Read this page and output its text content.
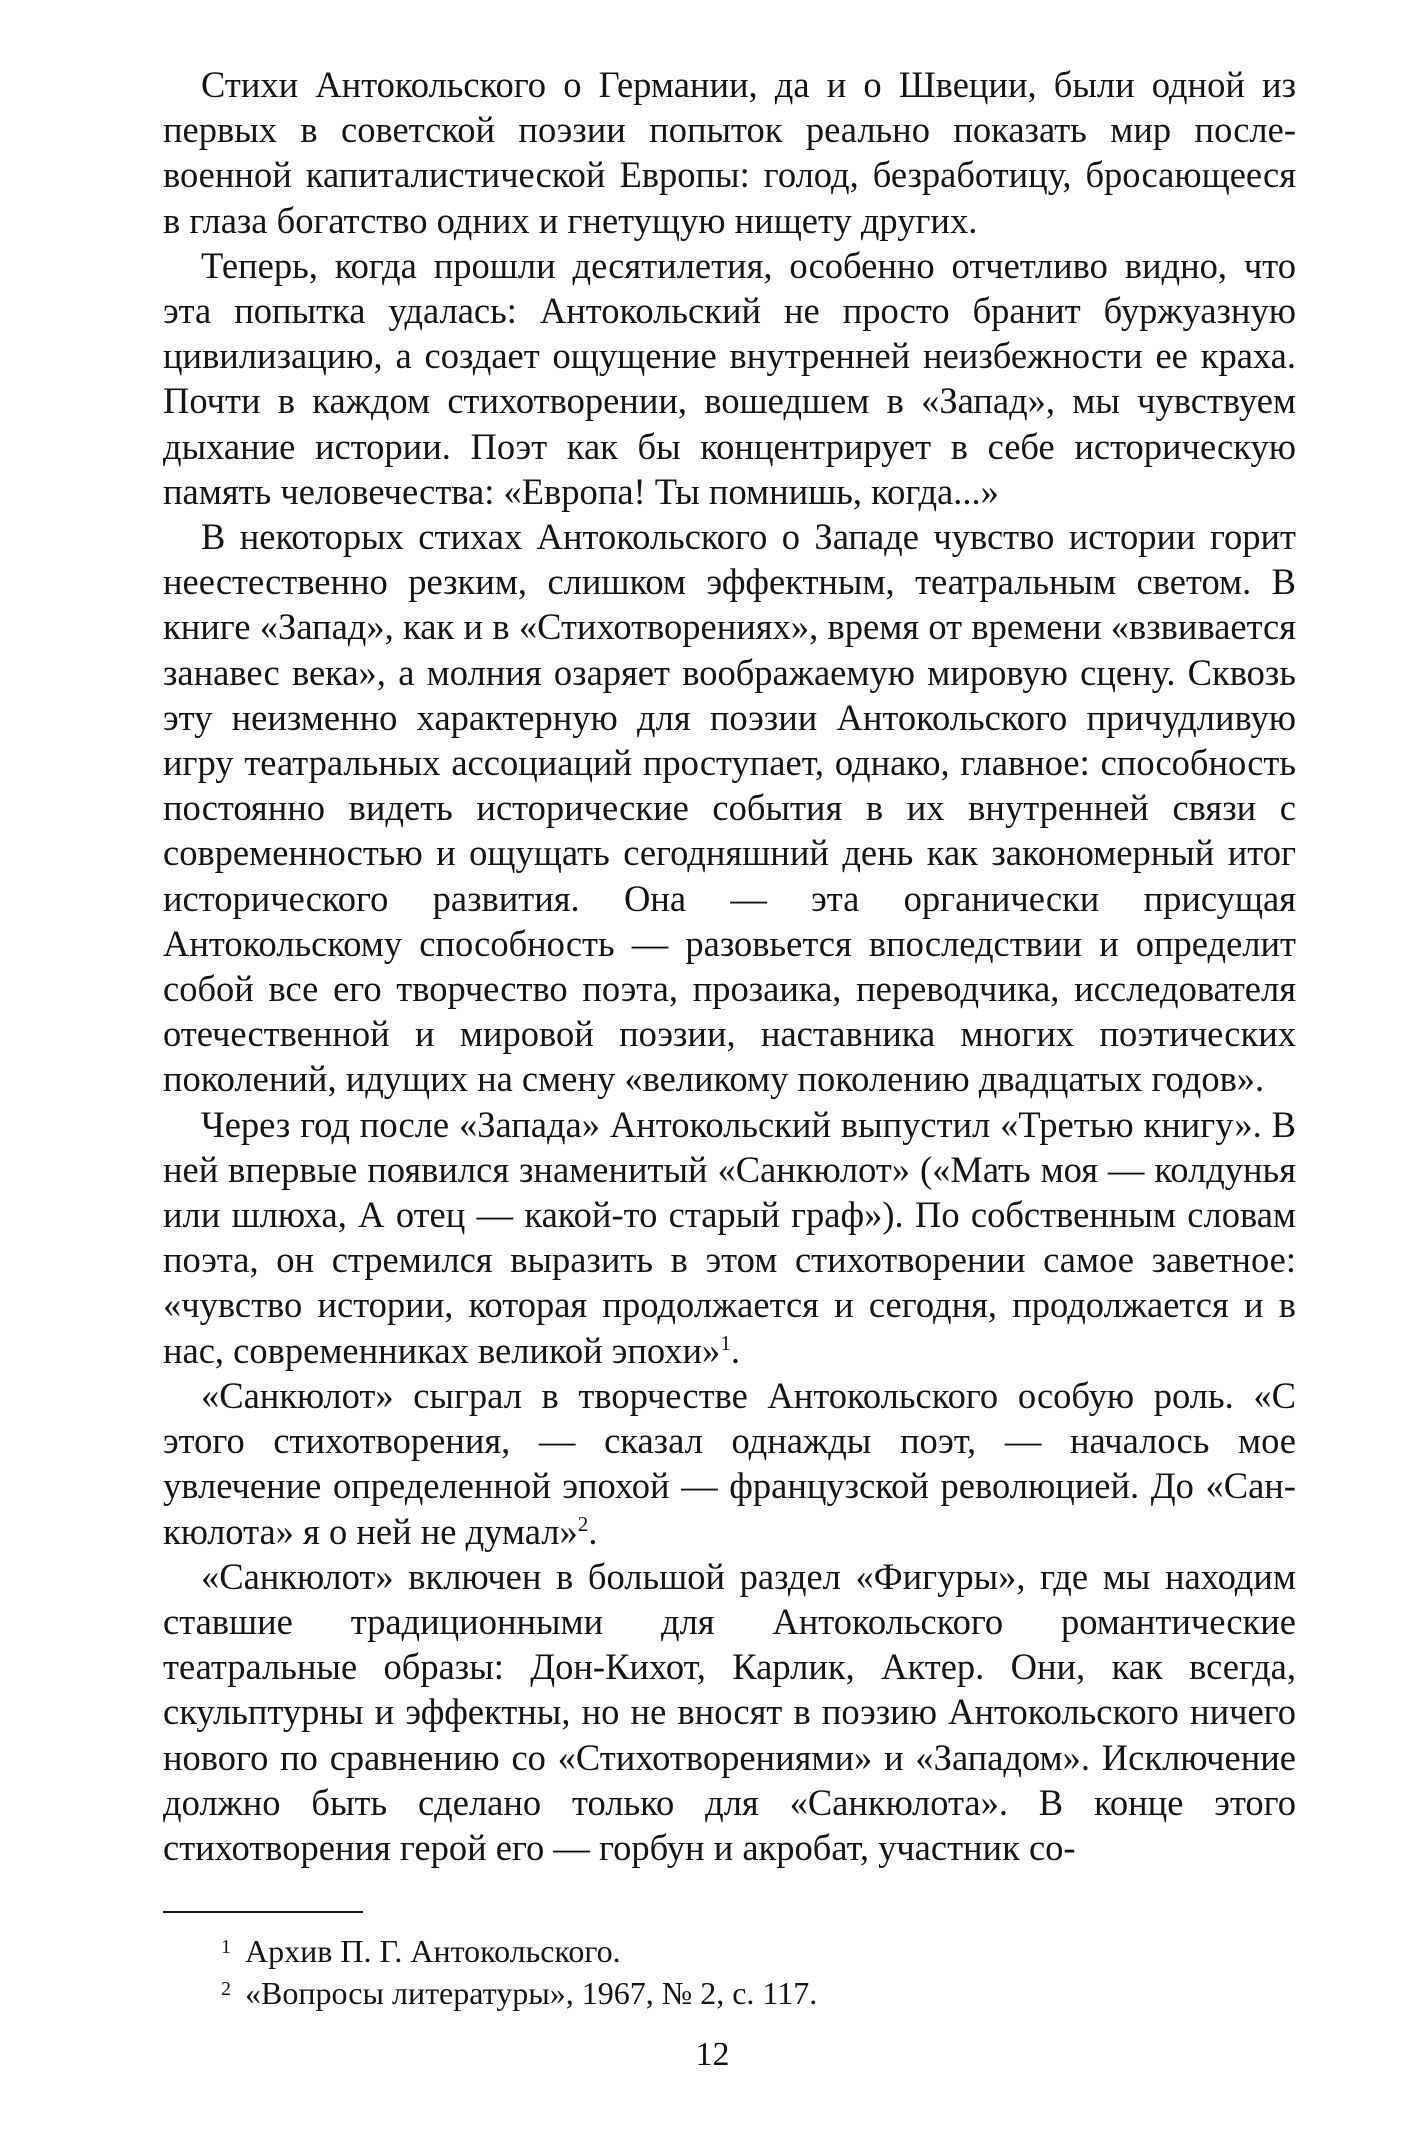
Стихи Антокольского о Германии, да и о Швеции, были одной из первых в советской поэзии попыток реально показать мир послевоенной капиталистической Европы: голод, безработицу, бросающееся в глаза богатство одних и гнетущую нищету других.

Теперь, когда прошли десятилетия, особенно отчетливо видно, что эта попытка удалась: Антокольский не просто бранит буржуазную цивилизацию, а создает ощущение внутренней неизбежности ее краха. Почти в каждом стихотворении, вошедшем в «Запад», мы чувствуем дыхание истории. Поэт как бы концентрирует в себе историческую память человечества: «Европа! Ты помнишь, когда...»

В некоторых стихах Антокольского о Западе чувство истории горит неестественно резким, слишком эффектным, театральным светом. В книге «Запад», как и в «Стихотворениях», время от времени «взвивается занавес века», а молния озаряет воображаемую мировую сцену. Сквозь эту неизменно характерную для поэзии Антокольского причудливую игру театральных ассоциаций проступает, однако, главное: способность постоянно видеть исторические события в их внутренней связи с современностью и ощущать сегодняшний день как закономерный итог исторического развития. Она — эта органически присущая Антокольскому способность — разовьется впоследствии и определит собой все его творчество поэта, прозаика, переводчика, исследователя отечественной и мировой поэзии, наставника многих поэтических поколений, идущих на смену «великому поколению двадцатых годов».

Через год после «Запада» Антокольский выпустил «Третью книгу». В ней впервые появился знаменитый «Санкюлот» («Мать моя — колдунья или шлюха, А отец — какой-то старый граф»). По собственным словам поэта, он стремился выразить в этом стихотворении самое заветное: «чувство истории, которая продолжается и сегодня, продолжается и в нас, современниках великой эпохи»$^1$.

«Санкюлот» сыграл в творчестве Антокольского особую роль. «С этого стихотворения, — сказал однажды поэт, — началось мое увлечение определенной эпохой — французской революцией. До «Санкюлота» я о ней не думал»$^2$.

«Санкюлот» включен в большой раздел «Фигуры», где мы находим ставшие традиционными для Антокольского романтические театральные образы: Дон-Кихот, Карлик, Актер. Они, как всегда, скульптурны и эффектны, но не вносят в поэзию Антокольского ничего нового по сравнению со «Стихотворениями» и «Западом». Исключение должно быть сделано только для «Санкюлота». В конце этого стихотворения герой его — горбун и акробат, участник со-

1 Архив П. Г. Антокольского.
2 «Вопросы литературы», 1967, № 2, с. 117.
12
